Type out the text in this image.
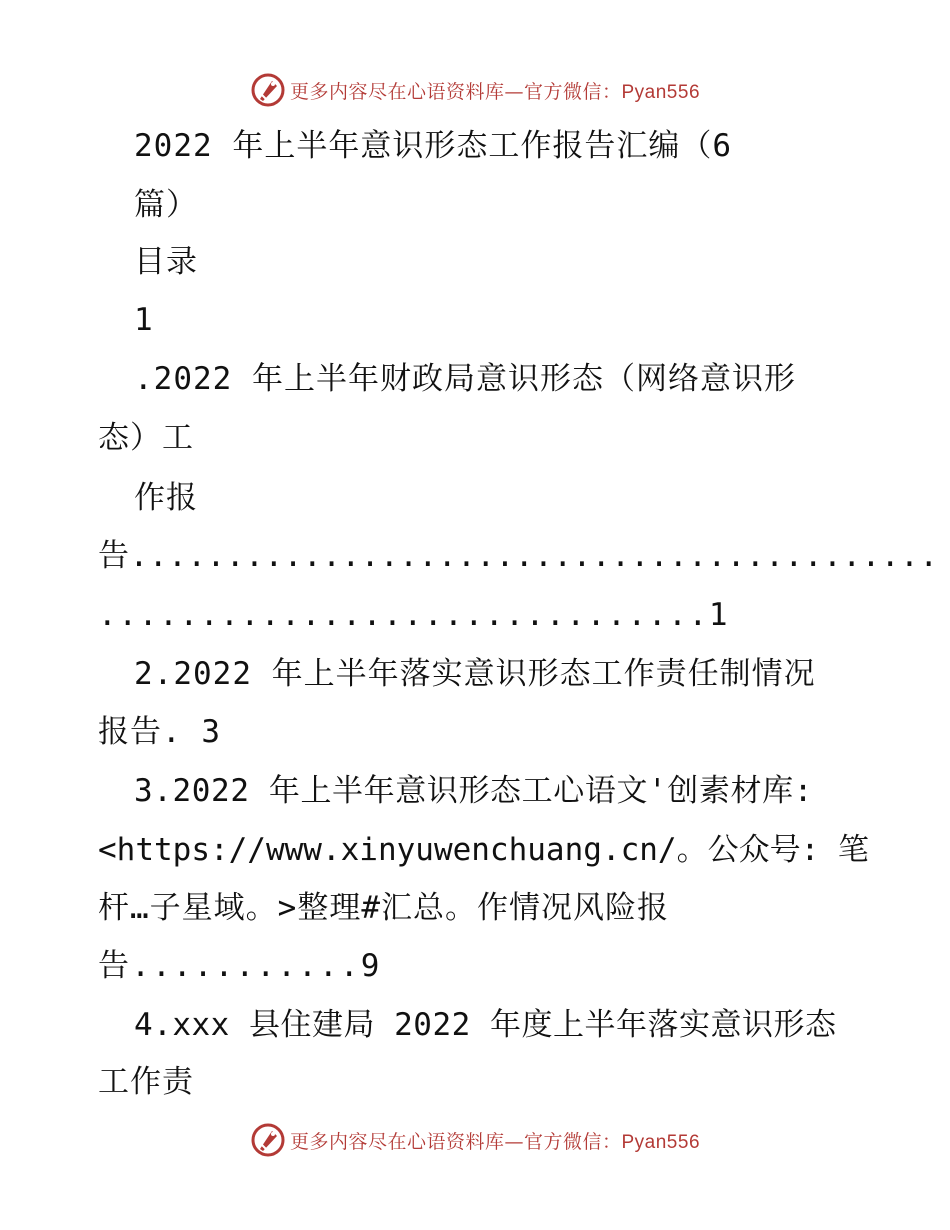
更多内容尽在心语资料库—官方微信：Pyan556
2022 年上半年意识形态工作报告汇编（6
篇）
目录
1
.2022 年上半年财政局意识形态（网络意识形
态）工
作报
告..........................................
..............................1
2.2022 年上半年落实意识形态工作责任制情况
报告. 3
3.2022 年上半年意识形态工心语文'创素材库:
<https://www.xinyuwenchuang.cn/。公众号: 笔
杆…子星域。>整理#汇总。作情况风险报
告...........9
4.xxx 县住建局 2022 年度上半年落实意识形态
工作责
更多内容尽在心语资料库—官方微信：Pyan556
